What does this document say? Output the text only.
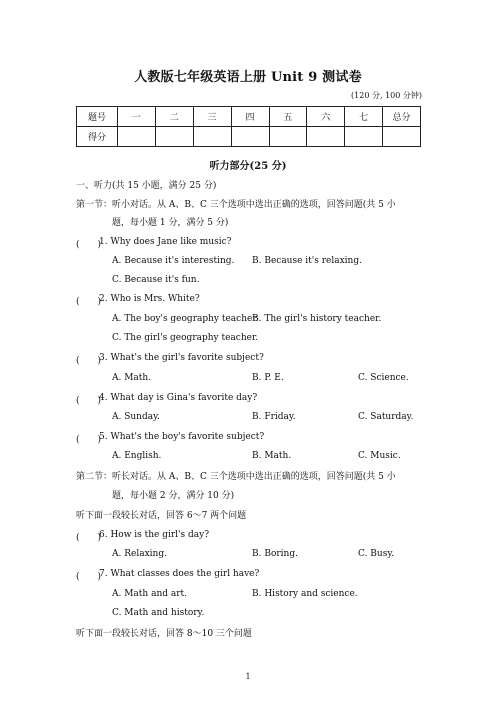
人教版七年级英语上册 Unit 9 测试卷
(120 分, 100 分钟)
题号	一	二	三	四	五	六	七	总分
得分								
听力部分(25 分)
一、听力(共 15 小题，满分 25 分)
第一节：听小对话。从 A、B、C 三个选项中选出正确的选项，回答问题(共 5 小
题，每小题 1 分，满分 5 分)
(　　)
1. Why does Jane like music?
A. Because it's interesting. B. Because it's relaxing.
C. Because it's fun.
(　　)
2. Who is Mrs. White?
A. The boy's geography teacher.
B. The girl's history teacher.
C. The girl's geography teacher.
(　　)
3. What's the girl's favorite subject?
A. Math.	B. P. E.	C. Science.
(　　)
4. What day is Gina's favorite day?
A. Sunday.	B. Friday.	C. Saturday.
(　　)
5. What's the boy's favorite subject?
A. English.	B. Math.	C. Music.
第二节：听长对话。从 A、B、C 三个选项中选出正确的选项，回答问题(共 5 小
题，每小题 2 分，满分 10 分)
听下面一段较长对话，回答 6～7 两个问题
(　　)
6. How is the girl's day?
A. Relaxing.	B. Boring.	C. Busy.
(　　)
7. What classes does the girl have?
A. Math and art.	B. History and science.
C. Math and history.
听下面一段较长对话，回答 8～10 三个问题
1
